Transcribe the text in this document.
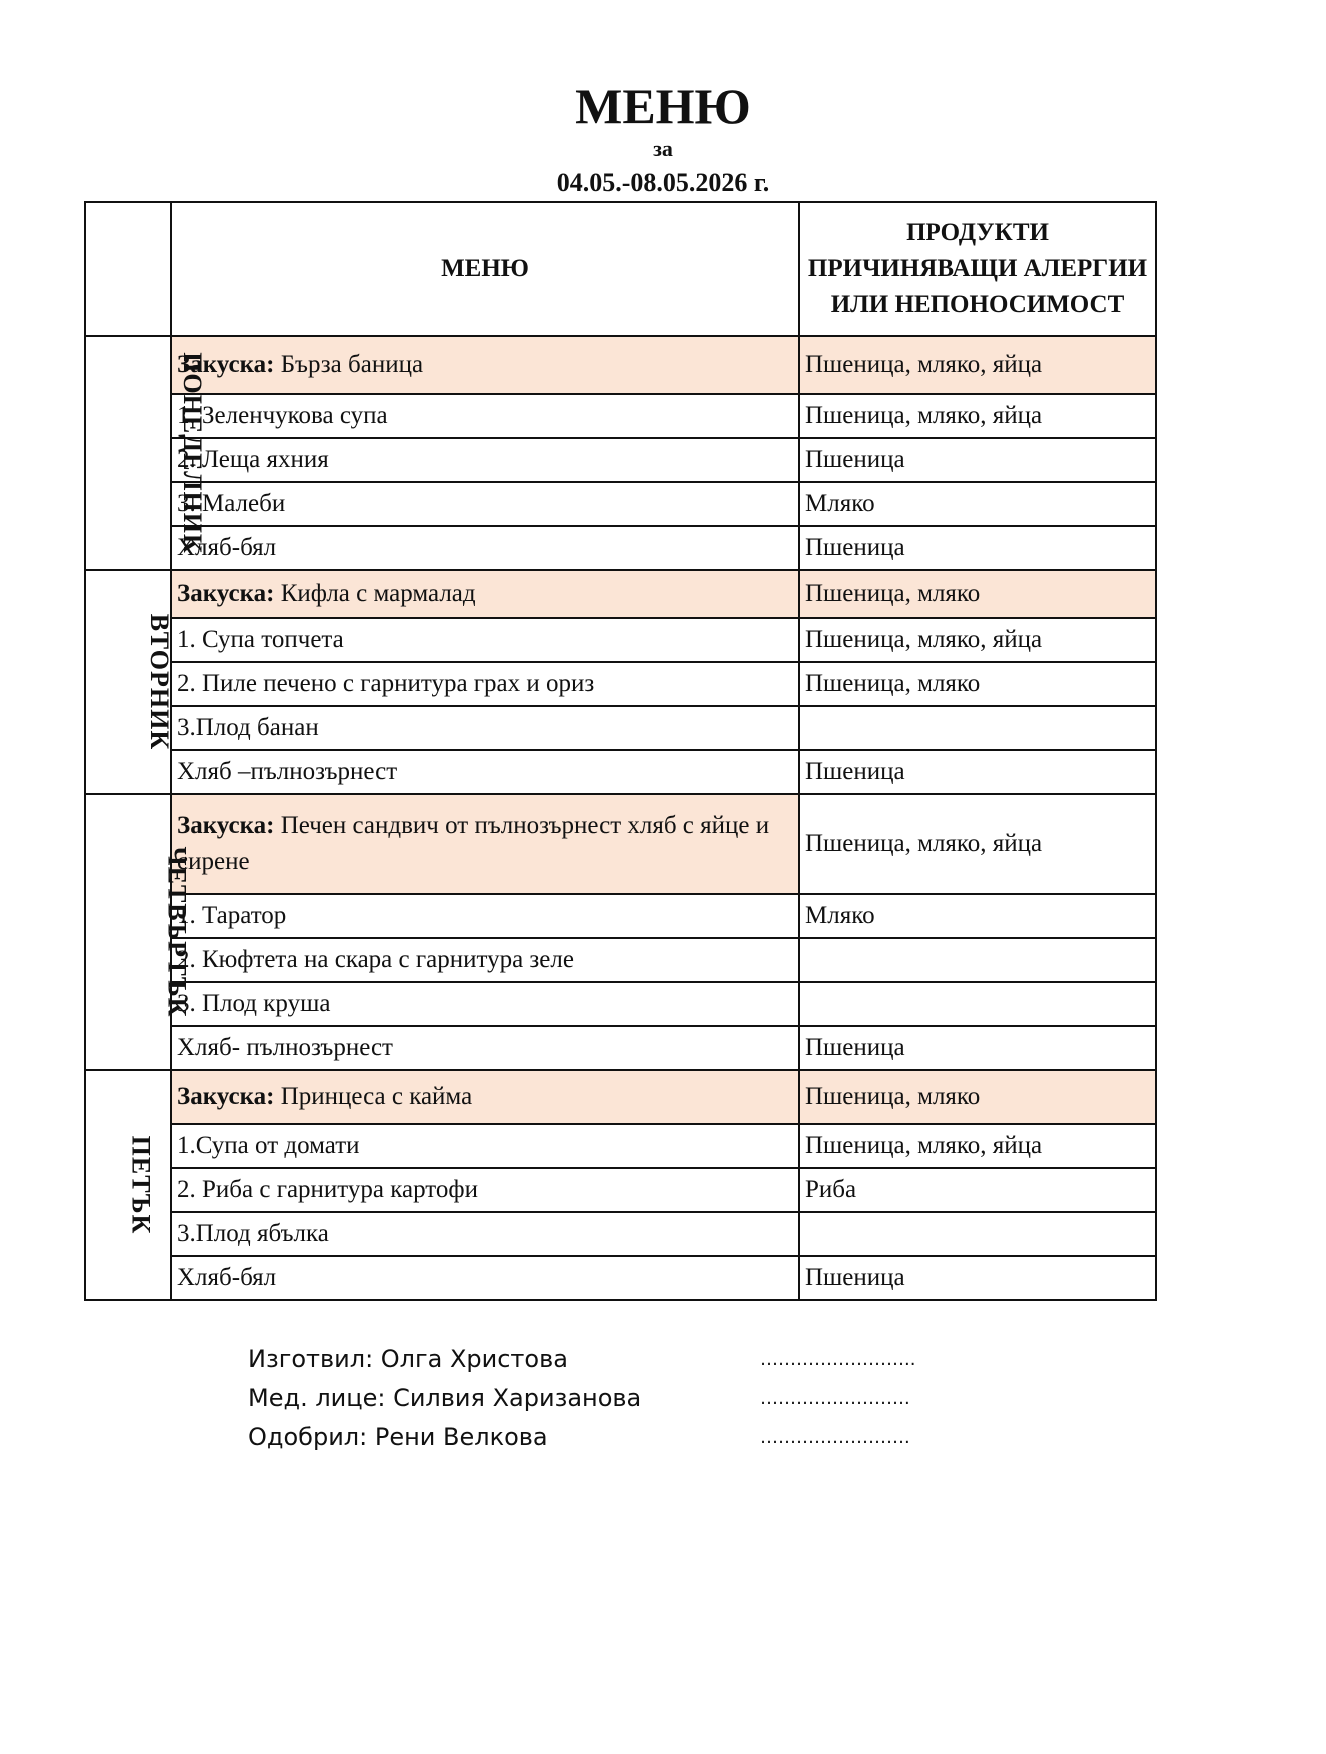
МЕНЮ
за
04.05.-08.05.2026 г.
	МЕНЮ	ПРОДУКТИ ПРИЧИНЯВАЩИ АЛЕРГИИ ИЛИ НЕПОНОСИМОСТ
ПОНЕДЕЛНИК	Закуска: Бърза баница	Пшеница, мляко, яйца
	1. Зеленчукова супа	Пшеница, мляко, яйца
	2. Леща яхния	Пшеница
	3. Малеби	Мляко
	Хляб-бял	Пшеница
ВТОРНИК	Закуска: Кифла с мармалад	Пшеница, мляко
	1. Супа топчета	Пшеница, мляко, яйца
	2. Пиле печено с гарнитура грах и ориз	Пшеница, мляко
	3.Плод банан	
	Хляб –пълнозърнест	Пшеница
ЧЕТВЪРТЪК	Закуска: Печен сандвич от пълнозърнест хляб с яйце и сирене	Пшеница, мляко, яйца
	1. Таратор	Мляко
	2. Кюфтета на скара с гарнитура зеле	
	3. Плод круша	
	Хляб- пълнозърнест	Пшеница
ПЕТЪК	Закуска: Принцеса с кайма	Пшеница, мляко
	1.Супа от домати	Пшеница, мляко, яйца
	2. Риба с гарнитура картофи	Риба
	3.Плод ябълка	
	Хляб-бял	Пшеница
Изготвил: Олга Христова	……………………..
Мед. лице: Силвия Харизанова	…………………….
Одобрил: Рени Велкова	…………………….
